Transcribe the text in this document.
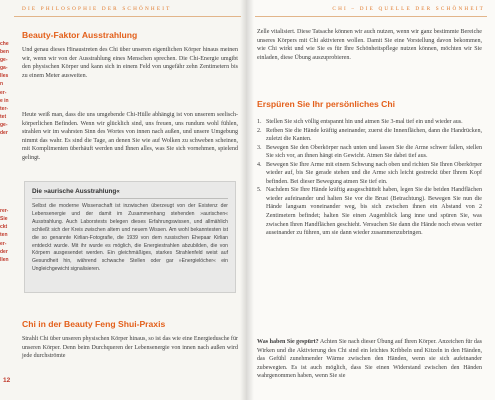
DIE PHILOSOPHIE DER SCHÖNHEIT
che
ben
ge-
ga-
lles
n
er-
e in
ter-
tet
ge-
der
rer-
Sie
ckt
ten
er-
der
llen
Beauty-Faktor Ausstrahlung

Und genau dieses Hinaustreten des Chi über unseren eigentlichen Körper hinaus meinen wir, wenn wir von der Ausstrahlung eines Menschen sprechen. Die Chi-Energie umgibt den physischen Körper und kann sich in einem Feld von ungefähr zehn Zentimetern bis zu einem Meter ausweiten.

Heute weiß man, dass die uns umgebende Chi-Hülle abhängig ist von unserem seelisch-körperlichen Befinden. Wenn wir glücklich sind, uns freuen, uns rundum wohl fühlen, strahlen wir im wahrsten Sinn des Wortes von innen nach außen, und unsere Umgebung nimmt das wahr. Es sind die Tage, an denen Sie wie auf Wolken zu schweben scheinen, mit Komplimenten überhäuft werden und Ihnen alles, was Sie sich vornehmen, spielend gelingt.

Die »aurische Ausstrahlung«

Selbst die moderne Wissenschaft ist inzwischen überzeugt von der Existenz der Lebensenergie und der damit im Zusammenhang stehenden »aurischen« Ausstrahlung. Auch Laborstests belegen dieses Erfahrungswissen, und allmählich schließt sich der Kreis zwischen altem und neuem Wissen. Am wohl bekanntesten ist die so genannte Kirlian-Fotografie, die 1939 von dem russischen Ehepaar Kirlian entdeckt wurde. Mit ihr wurde es möglich, die Energiestrahlen abzubilden, die von Körpern ausgesendet werden. Ein gleichmäßiges, starkes Strahlenfeld weist auf Gesundheit hin, während schwache Stellen oder gar »Energielöcher« ein Ungleichgewicht signalisieren.

Chi in der Beauty Feng Shui-Praxis

Strahlt Chi über unseren physischen Körper hinaus, so ist das wie eine Energiedusche für unseren Körper. Denn beim Durchqueren der Lebensenergie von innen nach außen wird jede durchströmte

12
CHI – DIE QUELLE DER SCHÖNHEIT

Zelle vitalisiert. Diese Tatsache können wir auch nutzen, wenn wir ganz bestimmte Bereiche unseres Körpers mit Chi aktivieren wollen. Damit Sie eine Vorstellung davon bekommen, wie Chi wirkt und wie Sie es für Ihre Schönheitspflege nutzen können, möchten wir Sie einladen, diese Übung auszuprobieren.

Erspüren Sie Ihr persönliches Chi
1. Stellen Sie sich völlig entspannt hin und atmen Sie 3-mal tief ein und wieder aus.
2. Reiben Sie die Hände kräftig aneinander, zuerst die Innenflächen, dann die Handrücken, zuletzt die Kanten.
3. Bewegen Sie den Oberkörper nach unten und lassen Sie die Arme schwer fallen, stellen Sie sich vor, an ihnen hängt ein Gewicht. Atmen Sie dabei tief aus.
4. Bewegen Sie Ihre Arme mit einem Schwung nach oben und richten Sie Ihren Oberkörper wieder auf, bis Sie gerade stehen und die Arme sich leicht gestreckt über Ihrem Kopf befinden. Bei dieser Bewegung atmen Sie tief ein.
5. Nachdem Sie Ihre Hände kräftig ausgeschüttelt haben, legen Sie die beiden Handflächen wieder aufeinander und halten Sie vor die Brust (Betrachtung). Bewegen Sie nun die Hände langsam voneinander weg, bis sich zwischen ihnen ein Abstand von 2 Zentimetern befindet; halten Sie einen Augenblick lang inne und spüren Sie, was zwischen Ihren Handflächen geschieht. Versuchen Sie dann die Hände noch etwas weiter auseinander zu führen, um sie dann wieder zusammenzubringen.

Was haben Sie gespürt? Achten Sie nach dieser Übung auf Ihren Körper. Anzeichen für das Wirken und die Aktivierung des Chi sind ein leichtes Kribbeln und Kitzeln in den Händen, das Gefühl zunehmender Wärme zwischen den Händen, wenn sie sich aufeinander zubewegten. Es ist auch möglich, dass Sie einen Widerstand zwischen den Händen wahrgenommen haben, wenn Sie sie
